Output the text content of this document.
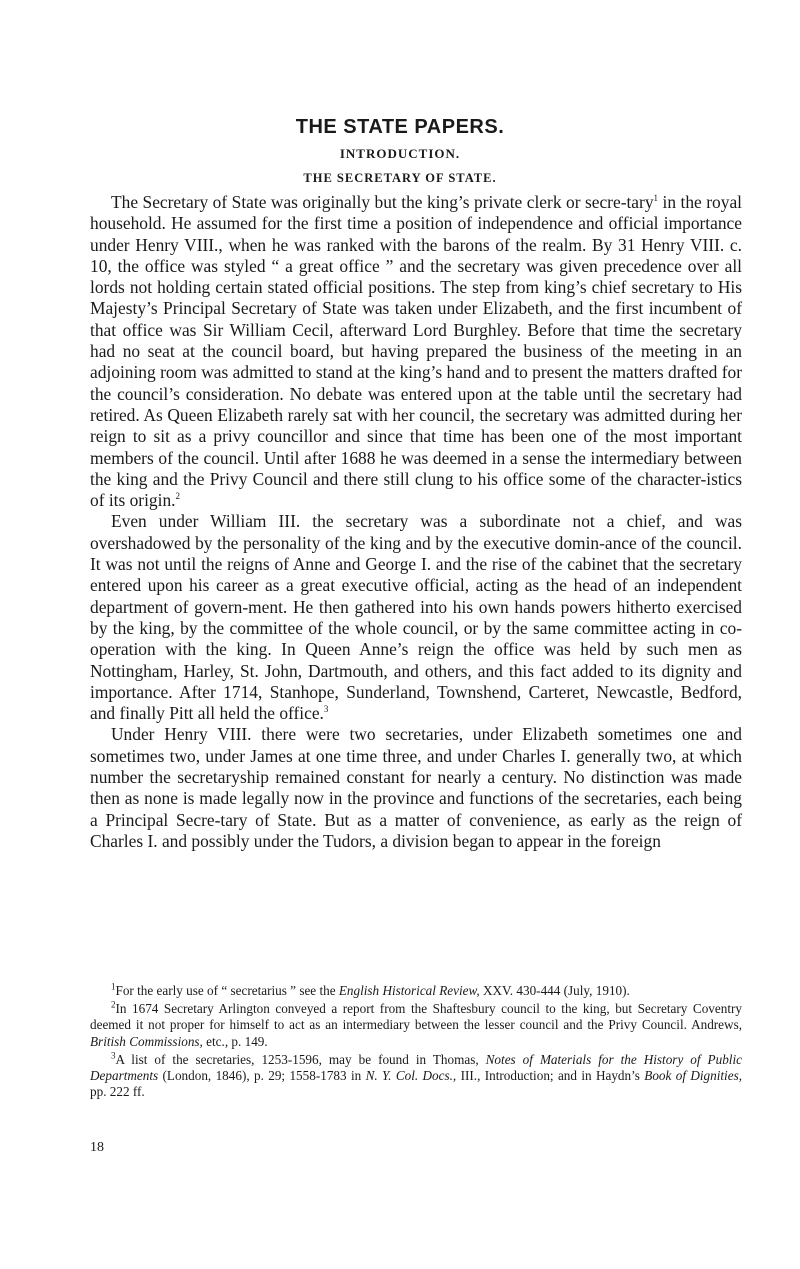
THE STATE PAPERS.
INTRODUCTION.
THE SECRETARY OF STATE.

The Secretary of State was originally but the king’s private clerk or secre-tary$^1$ in the royal household. He assumed for the first time a position of independence and official importance under Henry VIII., when he was ranked with the barons of the realm. By 31 Henry VIII. c. 10, the office was styled “ a great office ” and the secretary was given precedence over all lords not holding certain stated official positions. The step from king’s chief secretary to His Majesty’s Principal Secretary of State was taken under Elizabeth, and the first incumbent of that office was Sir William Cecil, afterward Lord Burghley. Before that time the secretary had no seat at the council board, but having prepared the business of the meeting in an adjoining room was admitted to stand at the king’s hand and to present the matters drafted for the council’s consideration. No debate was entered upon at the table until the secretary had retired. As Queen Elizabeth rarely sat with her council, the secretary was admitted during her reign to sit as a privy councillor and since that time has been one of the most important members of the council. Until after 1688 he was deemed in a sense the intermediary between the king and the Privy Council and there still clung to his office some of the character-istics of its origin.$^2$

Even under William III. the secretary was a subordinate not a chief, and was overshadowed by the personality of the king and by the executive domin-ance of the council. It was not until the reigns of Anne and George I. and the rise of the cabinet that the secretary entered upon his career as a great executive official, acting as the head of an independent department of govern-ment. He then gathered into his own hands powers hitherto exercised by the king, by the committee of the whole council, or by the same committee acting in co-operation with the king. In Queen Anne’s reign the office was held by such men as Nottingham, Harley, St. John, Dartmouth, and others, and this fact added to its dignity and importance. After 1714, Stanhope, Sunderland, Townshend, Carteret, Newcastle, Bedford, and finally Pitt all held the office.$^3$

Under Henry VIII. there were two secretaries, under Elizabeth sometimes one and sometimes two, under James at one time three, and under Charles I. generally two, at which number the secretaryship remained constant for nearly a century. No distinction was made then as none is made legally now in the province and functions of the secretaries, each being a Principal Secre-tary of State. But as a matter of convenience, as early as the reign of Charles I. and possibly under the Tudors, a division began to appear in the foreign

$^1$For the early use of “ secretarius ” see the English Historical Review, XXV. 430-444 (July, 1910).

$^2$In 1674 Secretary Arlington conveyed a report from the Shaftesbury council to the king, but Secretary Coventry deemed it not proper for himself to act as an intermediary between the lesser council and the Privy Council. Andrews, British Commissions, etc., p. 149.

$^3$A list of the secretaries, 1253-1596, may be found in Thomas, Notes of Materials for the History of Public Departments (London, 1846), p. 29; 1558-1783 in N. Y. Col. Docs., III., Introduction; and in Haydn’s Book of Dignities, pp. 222 ff.

18
